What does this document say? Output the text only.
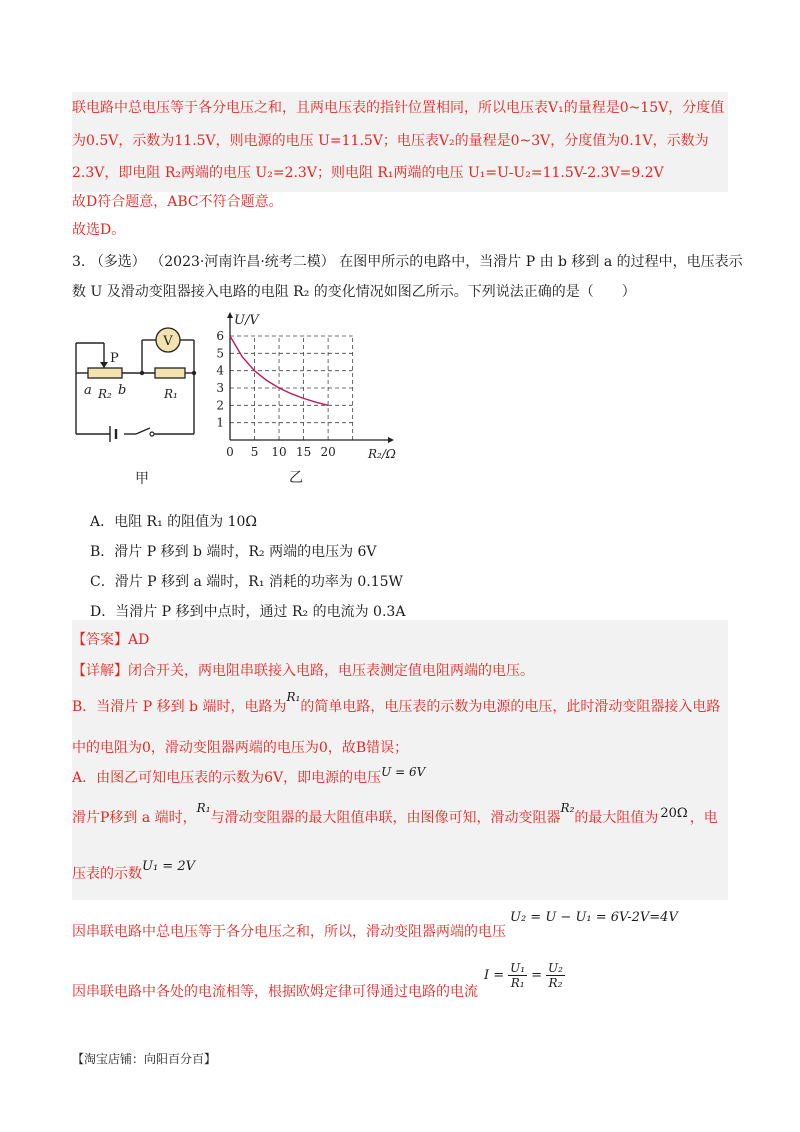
联电路中总电压等于各分电压之和，且两电压表的指针位置相同，所以电压表V₁的量程是0~15V，分度值
为0.5V，示数为11.5V，则电源的电压 U=11.5V；电压表V₂的量程是0~3V，分度值为0.1V，示数为
2.3V，即电阻 R₂两端的电压 U₂=2.3V；则电阻 R₁两端的电压 U₁=U-U₂=11.5V-2.3V=9.2V
故D符合题意，ABC不符合题意。
故选D。
3. （多选） （2023·河南许昌·统考二模） 在图甲所示的电路中，当滑片 P 由 b 移到 a 的过程中，电压表示
数 U 及滑动变阻器接入电路的电阻 R₂ 的变化情况如图乙所示。下列说法正确的是（　　）
V
P
a R₂ b	R₁
甲
U/V
R₂/Ω
乙
0 5 10 15 20
1
2
3
4
5
6
A．电阻 R₁ 的阻值为 10Ω
B．滑片 P 移到 b 端时，R₂ 两端的电压为 6V
C．滑片 P 移到 a 端时，R₁ 消耗的功率为 0.15W
D．当滑片 P 移到中点时，通过 R₂ 的电流为 0.3A
【答案】AD
【详解】闭合开关，两电阻串联接入电路，电压表测定值电阻两端的电压。
B．当滑片 P 移到 b 端时，电路为R₁的简单电路，电压表的示数为电源的电压，此时滑动变阻器接入电路
中的电阻为0，滑动变阻器两端的电压为0，故B错误；
A．由图乙可知电压表的示数为6V，即电源的电压U = 6V
滑片P移到 a 端时，R₁与滑动变阻器的最大阻值串联，由图像可知，滑动变阻器R₂的最大阻值为 20Ω ，电
压表的示数U₁ = 2V
因串联电路中总电压等于各分电压之和，所以，滑动变阻器两端的电压
U₂ = U − U₁ = 6V-2V=4V
因串联电路中各处的电流相等，根据欧姆定律可得通过电路的电流
$I = \frac{\text{U₁}}{\text{R₁}} = \frac{\text{U₂}}{\text{R₂}}$
【淘宝店铺：向阳百分百】
